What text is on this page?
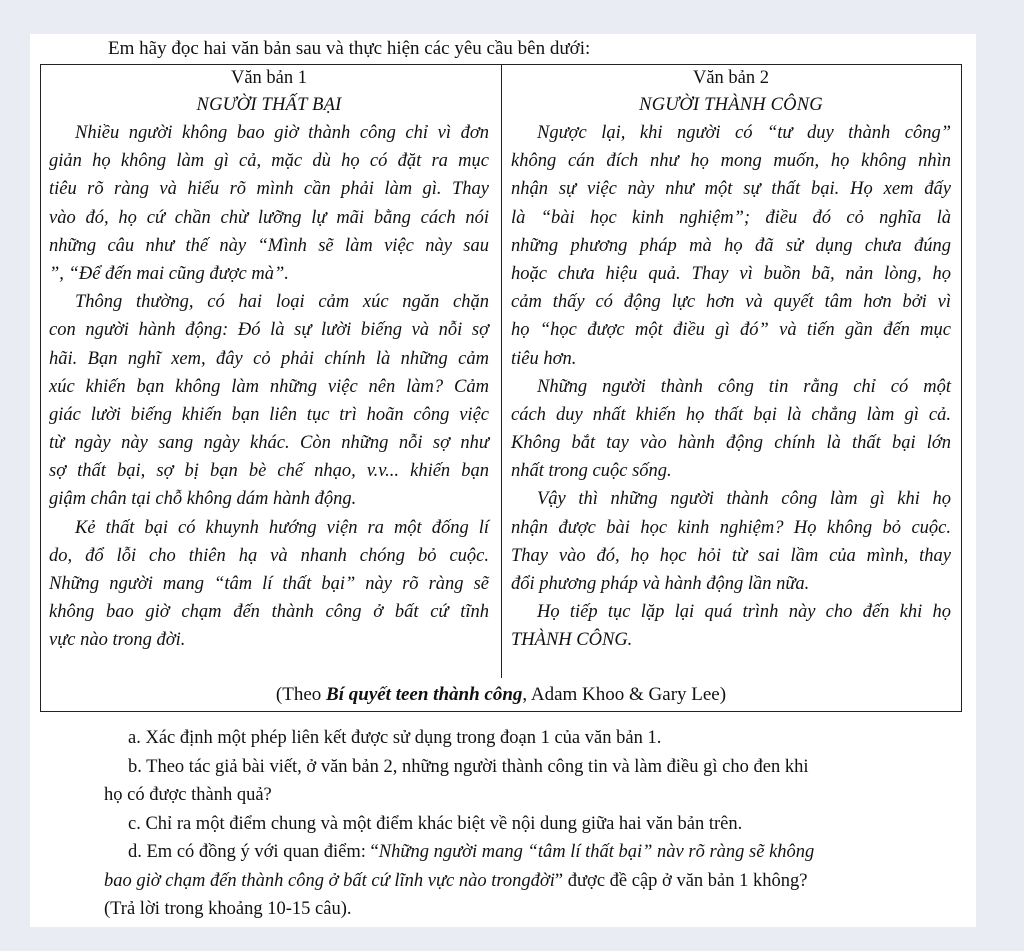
Em hãy đọc hai văn bản sau và thực hiện các yêu cầu bên dưới:
Văn bản 1
NGƯỜI THẤT BẠI
Nhiều người không bao giờ thành công chỉ vì đơn
giản họ không làm gì cả, mặc dù họ có đặt ra mục
tiêu rõ ràng và hiểu rõ mình cần phải làm gì. Thay
vào đó, họ cứ chần chừ lưỡng lự mãi bằng cách nói
những câu như thế này “Mình sẽ làm việc này sau
”, “Để đến mai cũng được mà”.
Thông thường, có hai loại cảm xúc ngăn chặn
con người hành động: Đó là sự lười biếng và nỗi sợ
hãi. Bạn nghĩ xem, đây cỏ phải chính là những cảm
xúc khiến bạn không làm những việc nên làm? Cảm
giác lười biếng khiến bạn liên tục trì hoãn công việc
từ ngày này sang ngày khác. Còn những nỗi sợ như
sợ thất bại, sợ bị bạn bè chế nhạo, v.v... khiến bạn
giậm chân tại chỗ không dám hành động.
Kẻ thất bại có khuynh hướng viện ra một đống lí
do, đổ lỗi cho thiên hạ và nhanh chóng bỏ cuộc.
Những người mang “tâm lí thất bại” này rõ ràng sẽ
không bao giờ chạm đến thành công ở bất cứ tĩnh
vực nào trong đời.
Văn bản 2
NGƯỜI THÀNH CÔNG
Ngược lại, khi người có “tư duy thành công”
không cán đích như họ mong muốn, họ không nhìn
nhận sự việc này như một sự thất bại. Họ xem đấy
là “bài học kinh nghiệm”; điều đó cỏ nghĩa là
những phương pháp mà họ đã sử dụng chưa đúng
hoặc chưa hiệu quả. Thay vì buồn bã, nản lòng, họ
cảm thấy có động lực hơn và quyết tâm hơn bởi vì
họ “học được một điều gì đó” và tiến gần đến mục
tiêu hơn.
Những người thành công tin rằng chỉ có một
cách duy nhất khiến họ thất bại là chẳng làm gì cả.
Không bắt tay vào hành động chính là thất bại lớn
nhất trong cuộc sống.
Vậy thì những người thành công làm gì khi họ
nhận được bài học kinh nghiệm? Họ không bỏ cuộc.
Thay vào đó, họ học hỏi từ sai lầm của mình, thay
đổi phương pháp và hành động lần nữa.
Họ tiếp tục lặp lại quá trình này cho đến khi họ
THÀNH CÔNG.
(Theo Bí quyết teen thành công, Adam Khoo & Gary Lee)
a. Xác định một phép liên kết được sử dụng trong đoạn 1 của văn bản 1.
b. Theo tác giả bài viết, ở văn bản 2, những người thành công tin và làm điều gì cho đen khi
họ có được thành quả?
c. Chỉ ra một điểm chung và một điểm khác biệt về nội dung giữa hai văn bản trên.
d. Em có đồng ý với quan điểm: “Những người mang “tâm lí thất bại” nàv rõ ràng sẽ không
bao giờ chạm đến thành công ở bất cứ lĩnh vực nào trongđời” được đề cập ở văn bản 1 không?
(Trả lời trong khoảng 10-15 câu).
